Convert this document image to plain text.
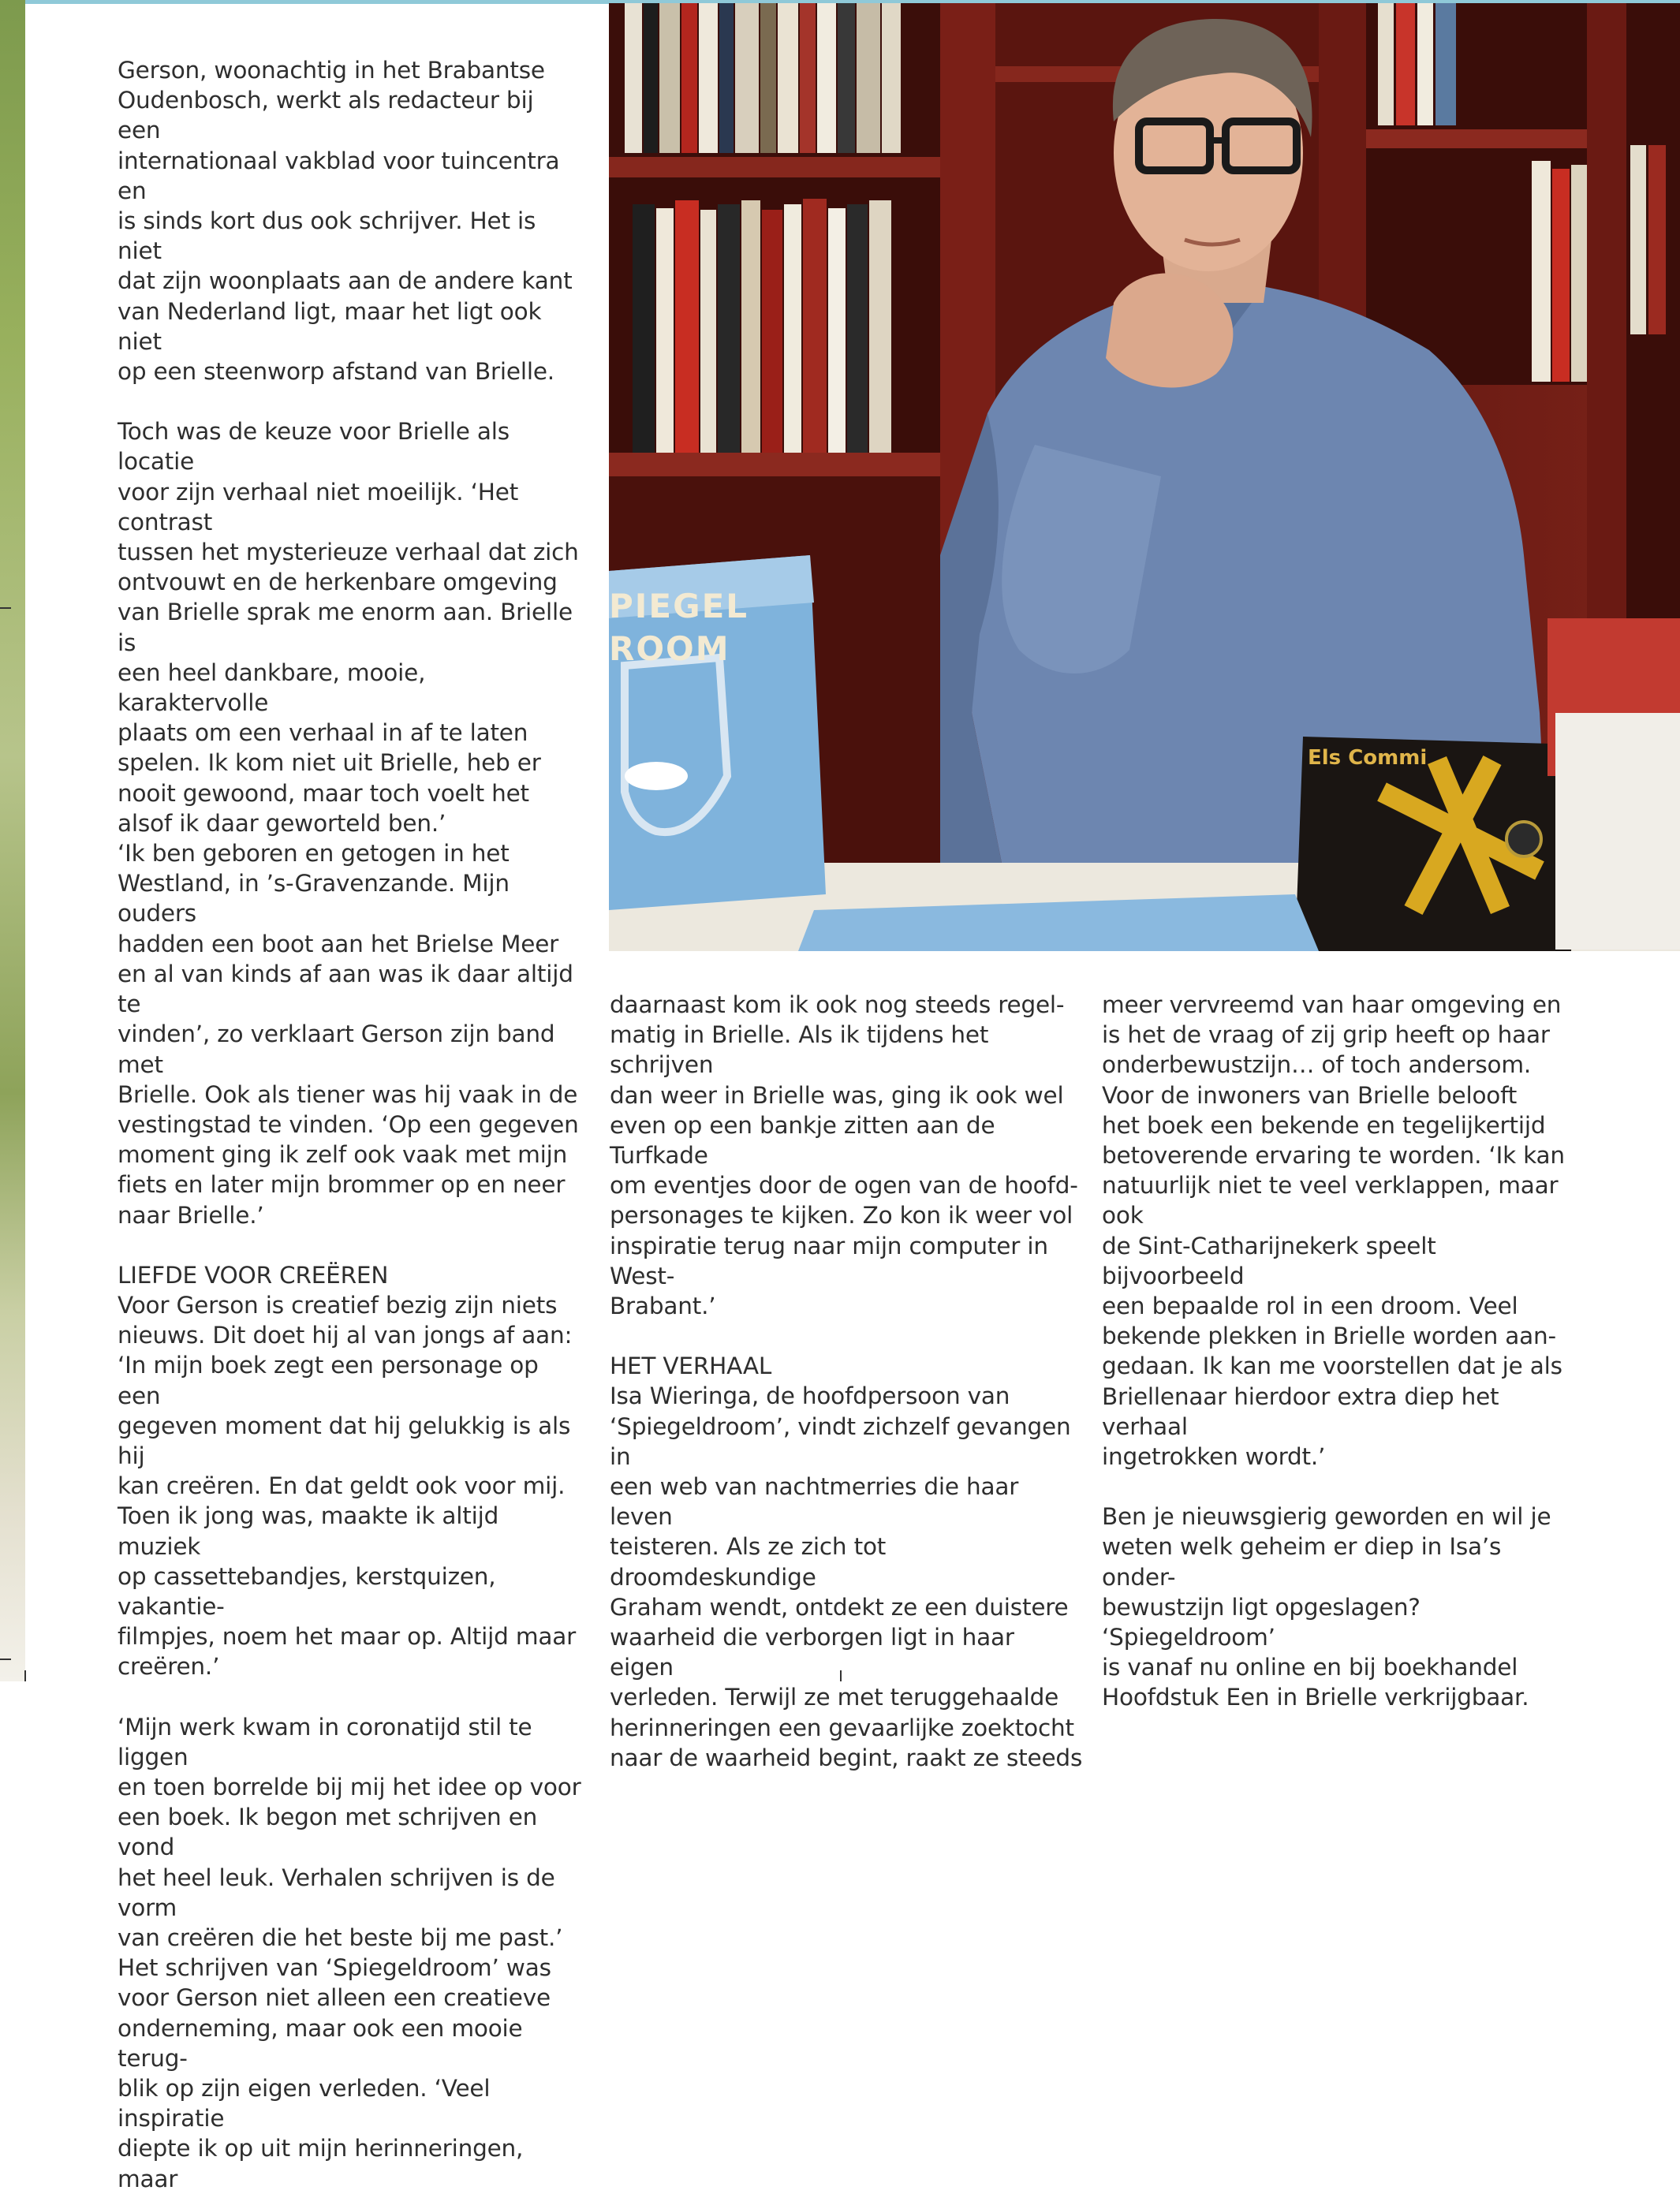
PIEGEL
ROOM
Els Commi

Gerson, woonachtig in het Brabantse
Oudenbosch, werkt als redacteur bij een
internationaal vakblad voor tuincentra en
is sinds kort dus ook schrijver. Het is niet
dat zijn woonplaats aan de andere kant
van Nederland ligt, maar het ligt ook niet
op een steenworp afstand van Brielle.

Toch was de keuze voor Brielle als locatie
voor zijn verhaal niet moeilijk. ‘Het contrast
tussen het mysterieuze verhaal dat zich
ontvouwt en de herkenbare omgeving
van Brielle sprak me enorm aan. Brielle is
een heel dankbare, mooie, karaktervolle
plaats om een verhaal in af te laten
spelen. Ik kom niet uit Brielle, heb er
nooit gewoond, maar toch voelt het
alsof ik daar geworteld ben.’

‘Ik ben geboren en getogen in het
Westland, in ’s-Gravenzande. Mijn ouders
hadden een boot aan het Brielse Meer
en al van kinds af aan was ik daar altijd te
vinden’, zo verklaart Gerson zijn band met
Brielle. Ook als tiener was hij vaak in de
vestingstad te vinden. ‘Op een gegeven
moment ging ik zelf ook vaak met mijn
fiets en later mijn brommer op en neer
naar Brielle.’

LIEFDE VOOR CREËREN

Voor Gerson is creatief bezig zijn niets
nieuws. Dit doet hij al van jongs af aan:
‘In mijn boek zegt een personage op een
gegeven moment dat hij gelukkig is als hij
kan creëren. En dat geldt ook voor mij.
Toen ik jong was, maakte ik altijd muziek
op cassettebandjes, kerstquizen, vakantie-
filmpjes, noem het maar op. Altijd maar
creëren.’

‘Mijn werk kwam in coronatijd stil te liggen
en toen borrelde bij mij het idee op voor
een boek. Ik begon met schrijven en vond
het heel leuk. Verhalen schrijven is de vorm
van creëren die het beste bij me past.’
Het schrijven van ‘Spiegeldroom’ was
voor Gerson niet alleen een creatieve
onderneming, maar ook een mooie terug-
blik op zijn eigen verleden. ‘Veel inspiratie
diepte ik op uit mijn herinneringen, maar

daarnaast kom ik ook nog steeds regel-
matig in Brielle. Als ik tijdens het schrijven
dan weer in Brielle was, ging ik ook wel
even op een bankje zitten aan de Turfkade
om eventjes door de ogen van de hoofd-
personages te kijken. Zo kon ik weer vol
inspiratie terug naar mijn computer in West-
Brabant.’

HET VERHAAL

Isa Wieringa, de hoofdpersoon van
‘Spiegeldroom’, vindt zichzelf gevangen in
een web van nachtmerries die haar leven
teisteren. Als ze zich tot droomdeskundige
Graham wendt, ontdekt ze een duistere
waarheid die verborgen ligt in haar eigen
verleden. Terwijl ze met teruggehaalde
herinneringen een gevaarlijke zoektocht
naar de waarheid begint, raakt ze steeds

meer vervreemd van haar omgeving en
is het de vraag of zij grip heeft op haar
onderbewustzijn… of toch andersom.
Voor de inwoners van Brielle belooft
het boek een bekende en tegelijkertijd
betoverende ervaring te worden. ‘Ik kan
natuurlijk niet te veel verklappen, maar ook
de Sint-Catharijnekerk speelt bijvoorbeeld
een bepaalde rol in een droom. Veel
bekende plekken in Brielle worden aan-
gedaan. Ik kan me voorstellen dat je als
Briellenaar hierdoor extra diep het verhaal
ingetrokken wordt.’

Ben je nieuwsgierig geworden en wil je
weten welk geheim er diep in Isa’s onder-
bewustzijn ligt opgeslagen? ‘Spiegeldroom’
is vanaf nu online en bij boekhandel
Hoofdstuk Een in Brielle verkrijgbaar.
